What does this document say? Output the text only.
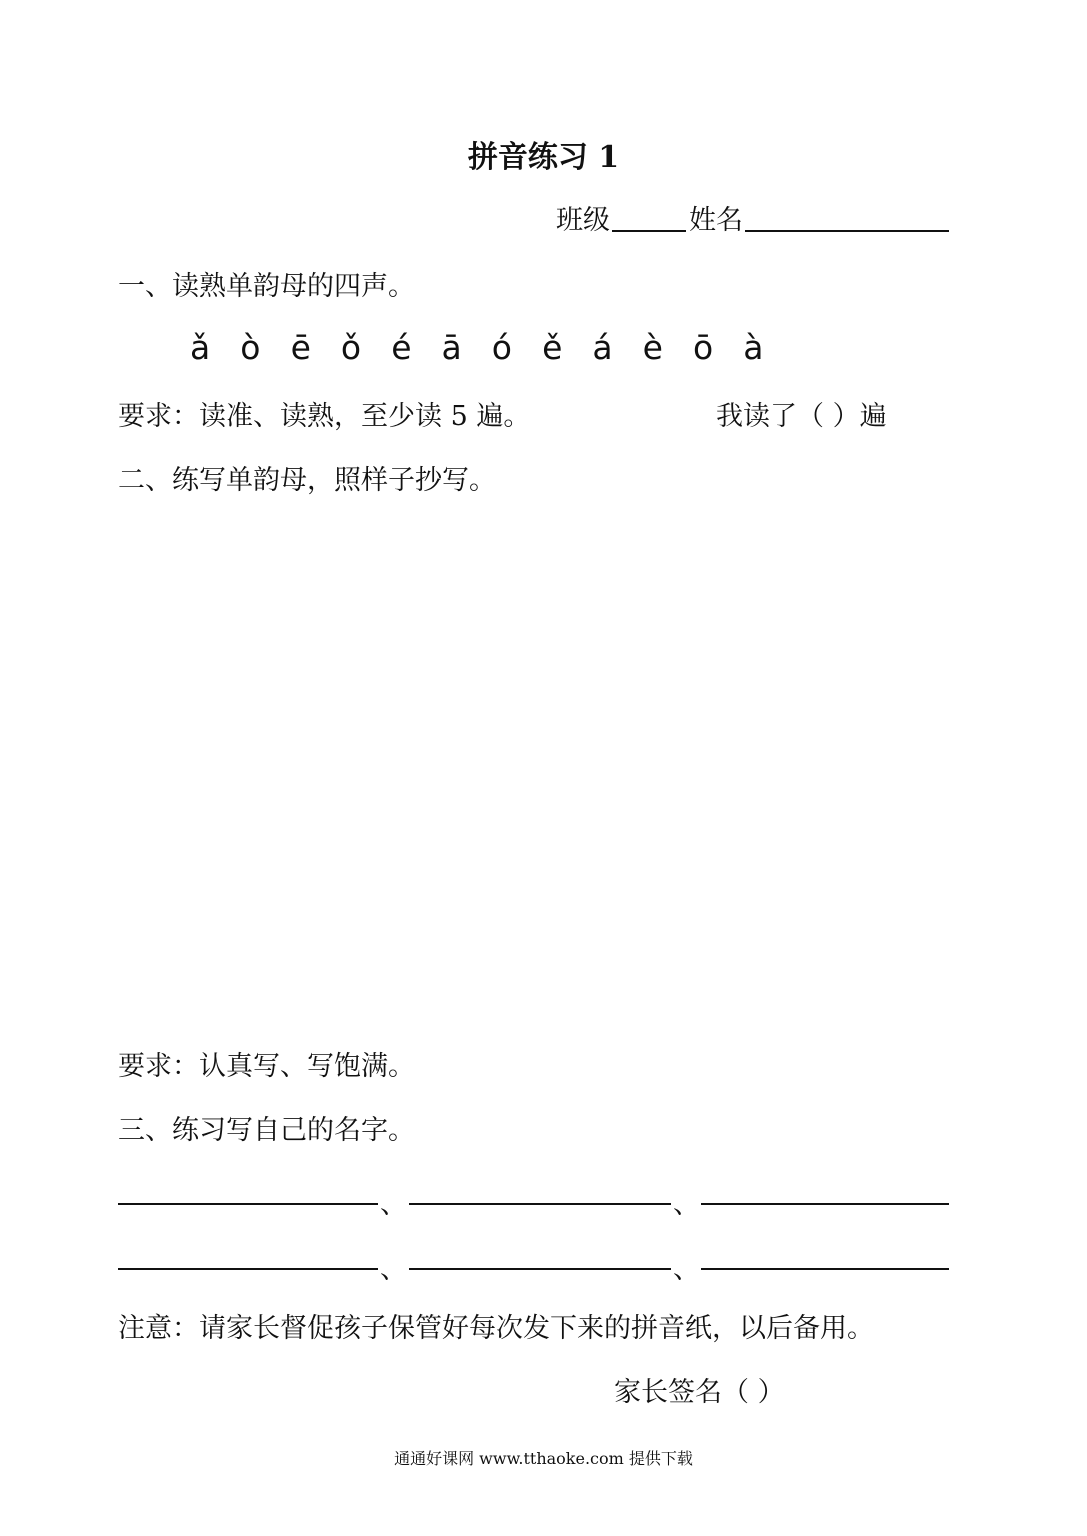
拼音练习 1
班级	姓名
一、读熟单韵母的四声。
ǎ ò ē ǒ é ā ó ě á è ō à
要求：读准、读熟，至少读 5 遍。	我读了（ ）遍
二、练写单韵母，照样子抄写。
要求：认真写、写饱满。
三、练习写自己的名字。
、	、
、	、
注意：请家长督促孩子保管好每次发下来的拼音纸，以后备用。
家长签名（ ）
通通好课网 www.tthaoke.com 提供下载
